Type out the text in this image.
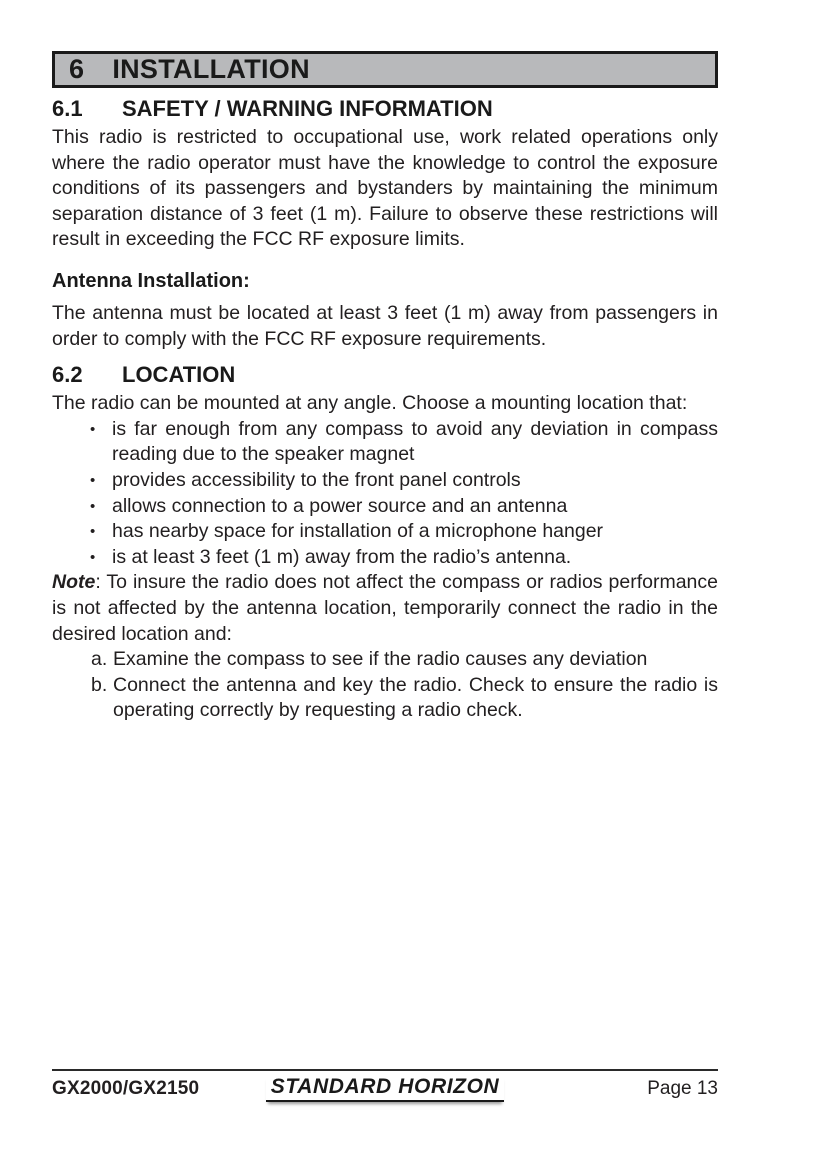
6 INSTALLATION
6.1	SAFETY / WARNING INFORMATION

This radio is restricted to occupational use, work related operations only where the radio operator must have the knowledge to control the exposure conditions of its passengers and bystanders by maintaining the minimum separation distance of 3 feet (1 m). Failure to observe these restrictions will result in exceeding the FCC RF exposure limits.

Antenna Installation:

The antenna must be located at least 3 feet (1 m) away from passengers in order to comply with the FCC RF exposure requirements.

6.2	LOCATION

The radio can be mounted at any angle. Choose a mounting location that:

• is far enough from any compass to avoid any deviation in compass reading due to the speaker magnet
• provides accessibility to the front panel controls
• allows connection to a power source and an antenna
• has nearby space for installation of a microphone hanger
• is at least 3 feet (1 m) away from the radio’s antenna.

Note: To insure the radio does not affect the compass or radios performance is not affected by the antenna location, temporarily connect the radio in the desired location and:

a. Examine the compass to see if the radio causes any deviation
b. Connect the antenna and key the radio. Check to ensure the radio is operating correctly by requesting a radio check.
GX2000/GX2150	STANDARD HORIZON	Page 13
